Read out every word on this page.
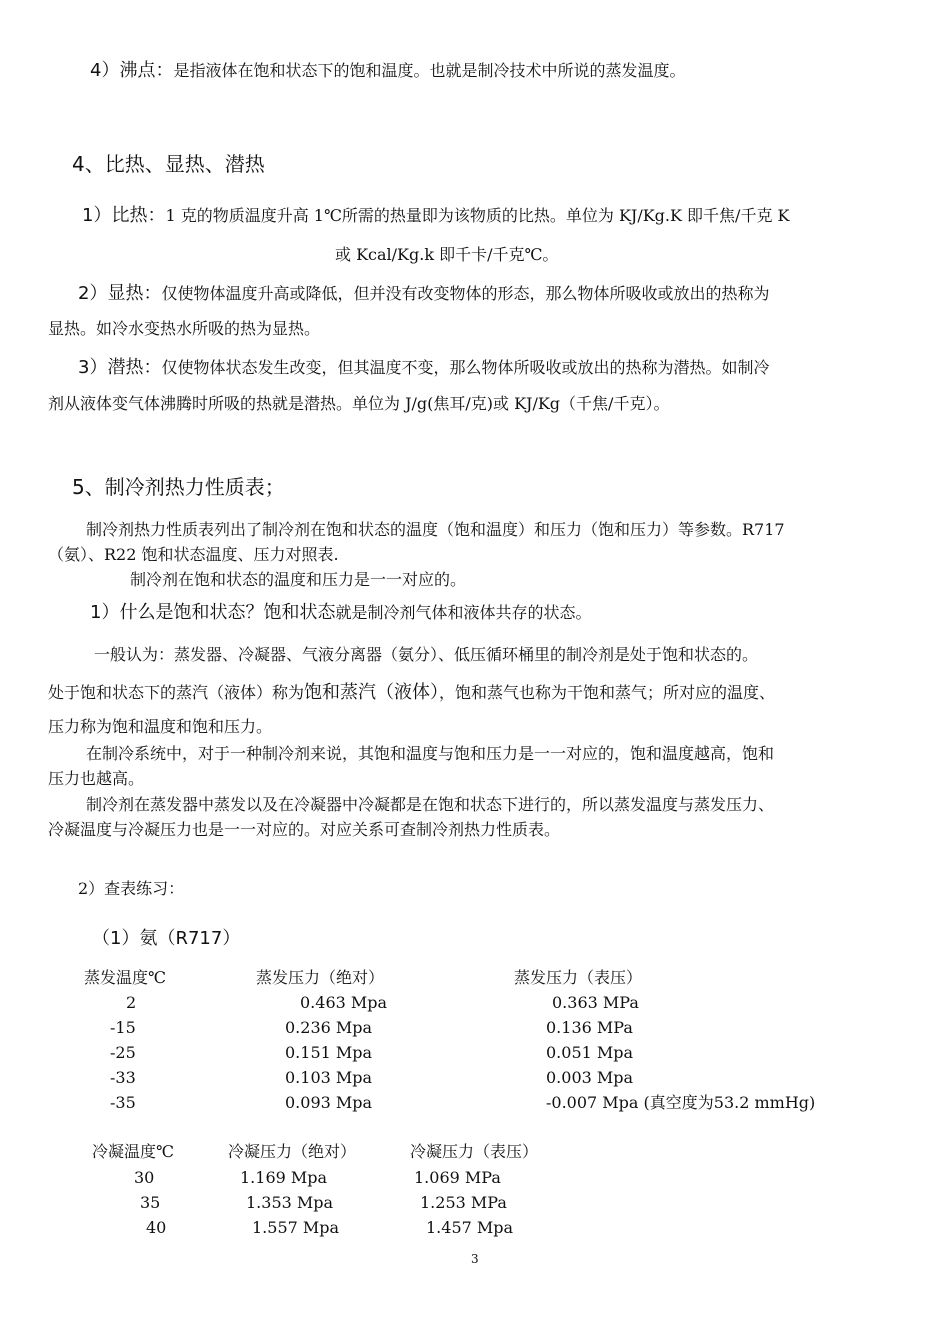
4）沸点：是指液体在饱和状态下的饱和温度。也就是制冷技术中所说的蒸发温度。
4、比热、显热、潜热
1）比热：1 克的物质温度升高 1℃所需的热量即为该物质的比热。单位为 KJ/Kg.K 即千焦/千克 K
或 Kcal/Kg.k 即千卡/千克℃。
2）显热：仅使物体温度升高或降低，但并没有改变物体的形态，那么物体所吸收或放出的热称为
显热。如冷水变热水所吸的热为显热。
3）潜热：仅使物体状态发生改变，但其温度不变，那么物体所吸收或放出的热称为潜热。如制冷
剂从液体变气体沸腾时所吸的热就是潜热。单位为 J/g(焦耳/克)或 KJ/Kg（千焦/千克）。
5、制冷剂热力性质表；
制冷剂热力性质表列出了制冷剂在饱和状态的温度（饱和温度）和压力（饱和压力）等参数。R717
（氨）、R22 饱和状态温度、压力对照表.
制冷剂在饱和状态的温度和压力是一一对应的。
1）什么是饱和状态？饱和状态就是制冷剂气体和液体共存的状态。
一般认为：蒸发器、冷凝器、气液分离器（氨分）、低压循环桶里的制冷剂是处于饱和状态的。
处于饱和状态下的蒸汽（液体）称为饱和蒸汽（液体），饱和蒸气也称为干饱和蒸气；所对应的温度、
压力称为饱和温度和饱和压力。
在制冷系统中，对于一种制冷剂来说，其饱和温度与饱和压力是一一对应的，饱和温度越高，饱和
压力也越高。
制冷剂在蒸发器中蒸发以及在冷凝器中冷凝都是在饱和状态下进行的，所以蒸发温度与蒸发压力、
冷凝温度与冷凝压力也是一一对应的。对应关系可查制冷剂热力性质表。
2）查表练习：
（1）氨（R717）
蒸发温度℃	蒸发压力（绝对）	蒸发压力（表压）
2	0.463 Mpa	0.363 MPa
-15	0.236 Mpa	0.136 MPa
-25	0.151 Mpa	0.051 Mpa
-33	0.103 Mpa	0.003 Mpa
-35	0.093 Mpa	-0.007 Mpa (真空度为53.2 mmHg)
冷凝温度℃	冷凝压力（绝对）	冷凝压力（表压）
30	1.169 Mpa	1.069 MPa
35	1.353 Mpa	1.253 MPa
40	1.557 Mpa	1.457 Mpa
3
